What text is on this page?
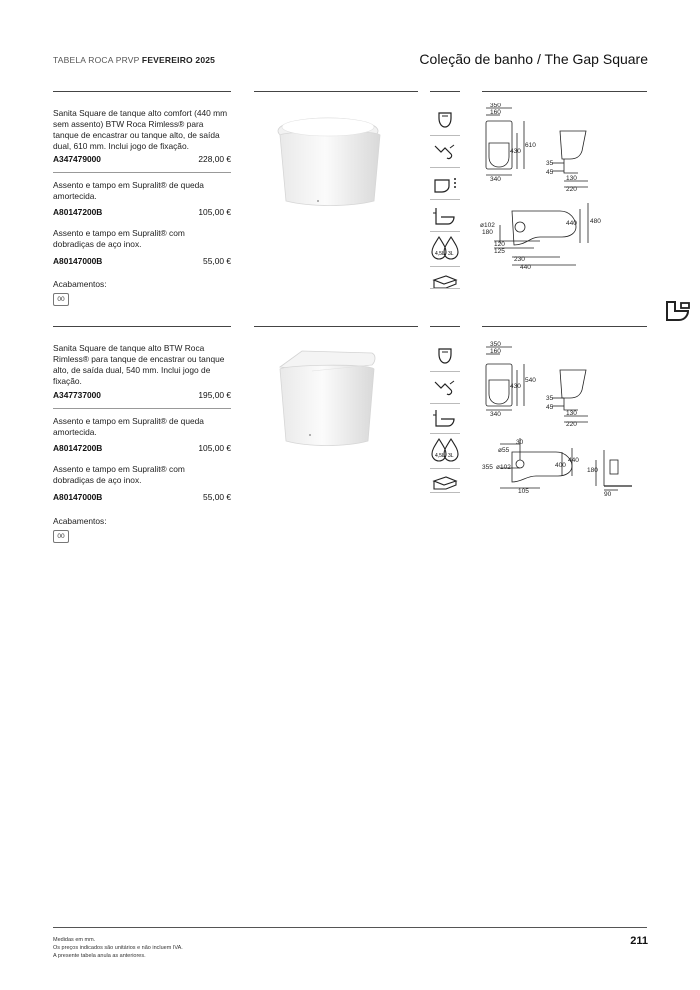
TABELA ROCA PRVP FEVEREIRO 2025	Coleção de banho / The Gap Square
Sanita Square de tanque alto comfort (440 mm sem assento) BTW Roca Rimless® para tanque de encastrar ou tanque alto, de saída dual, 610 mm. Inclui jogo de fixação.
A347479000	228,00 €
Assento e tampo em Supralit® de queda amortecida.
A80147200B	105,00 €
Assento e tampo em Supralit® com dobradiças de aço inox.
A80147000B	55,00 €
Acabamentos:
00
4,5L 3L
350
160
430
610
340
35
45
130
220
ø102
180
440 480
120
125
230
440
Sanita Square de tanque alto BTW Roca Rimless® para tanque de encastrar ou tanque alto, de saída dual, 540 mm. Inclui jogo de fixação.
A347737000	195,00 €
Assento e tampo em Supralit® de queda amortecida.
A80147200B	105,00 €
Assento e tampo em Supralit® com dobradiças de aço inox.
A80147000B	55,00 €
Acabamentos:
00
4,5L 3L
350
160
430
540
340
35
45
130
220
30
ø55
355 ø102
440
400
105
180
90
Medidas em mm.
Os preços indicados são unitários e não incluem IVA.
A presente tabela anula as anteriores.
211
